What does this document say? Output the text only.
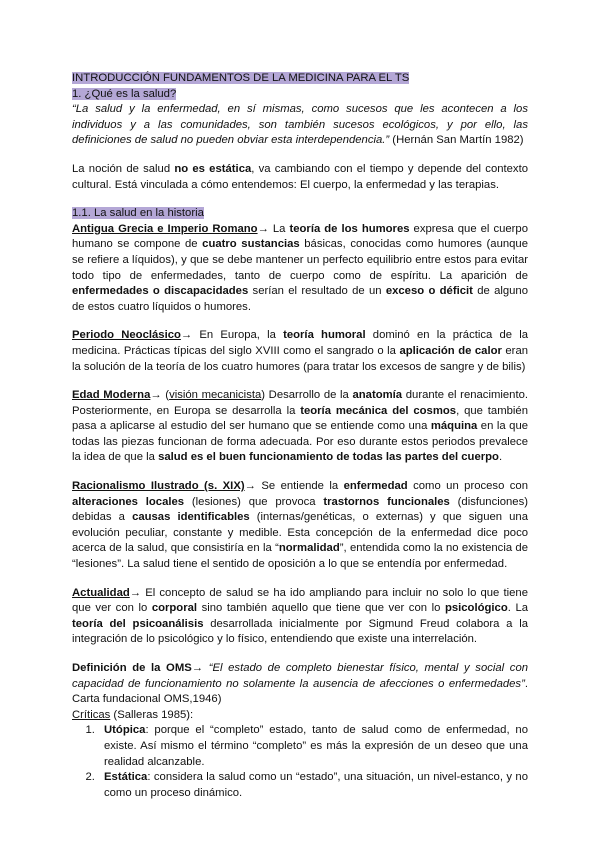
INTRODUCCIÓN FUNDAMENTOS DE LA MEDICINA PARA EL TS

1. ¿Qué es la salud?

“La salud y la enfermedad, en sí mismas, como sucesos que les acontecen a los individuos y a las comunidades, son también sucesos ecológicos, y por ello, las definiciones de salud no pueden obviar esta interdependencia.” (Hernán San Martín 1982)

La noción de salud no es estática, va cambiando con el tiempo y depende del contexto cultural. Está vinculada a cómo entendemos: El cuerpo, la enfermedad y las terapias.

1.1. La salud en la historia

Antigua Grecia e Imperio Romano→ La teoría de los humores expresa que el cuerpo humano se compone de cuatro sustancias básicas, conocidas como humores (aunque se refiere a líquidos), y que se debe mantener un perfecto equilibrio entre estos para evitar todo tipo de enfermedades, tanto de cuerpo como de espíritu. La aparición de enfermedades o discapacidades serían el resultado de un exceso o déficit de alguno de estos cuatro líquidos o humores.

Periodo Neoclásico→ En Europa, la teoría humoral dominó en la práctica de la medicina. Prácticas típicas del siglo XVIII como el sangrado o la aplicación de calor eran la solución de la teoría de los cuatro humores (para tratar los excesos de sangre y de bilis)

Edad Moderna→ (visión mecanicista) Desarrollo de la anatomía durante el renacimiento. Posteriormente, en Europa se desarrolla la teoría mecánica del cosmos, que también pasa a aplicarse al estudio del ser humano que se entiende como una máquina en la que todas las piezas funcionan de forma adecuada. Por eso durante estos periodos prevalece la idea de que la salud es el buen funcionamiento de todas las partes del cuerpo.

Racionalismo Ilustrado (s. XIX)→ Se entiende la enfermedad como un proceso con alteraciones locales (lesiones) que provoca trastornos funcionales (disfunciones) debidas a causas identificables (internas/genéticas, o externas) y que siguen una evolución peculiar, constante y medible. Esta concepción de la enfermedad dice poco acerca de la salud, que consistiría en la “normalidad”, entendida como la no existencia de “lesiones”. La salud tiene el sentido de oposición a lo que se entendía por enfermedad.

Actualidad→ El concepto de salud se ha ido ampliando para incluir no solo lo que tiene que ver con lo corporal sino también aquello que tiene que ver con lo psicológico. La teoría del psicoanálisis desarrollada inicialmente por Sigmund Freud colabora a la integración de lo psicológico y lo físico, entendiendo que existe una interrelación.

Definición de la OMS→ “El estado de completo bienestar físico, mental y social con capacidad de funcionamiento no solamente la ausencia de afecciones o enfermedades”. Carta fundacional OMS,1946)

Críticas (Salleras 1985):

1. Utópica: porque el “completo” estado, tanto de salud como de enfermedad, no existe. Así mismo el término “completo” es más la expresión de un deseo que una realidad alcanzable.
2. Estática: considera la salud como un “estado”, una situación, un nivel-estanco, y no como un proceso dinámico.
